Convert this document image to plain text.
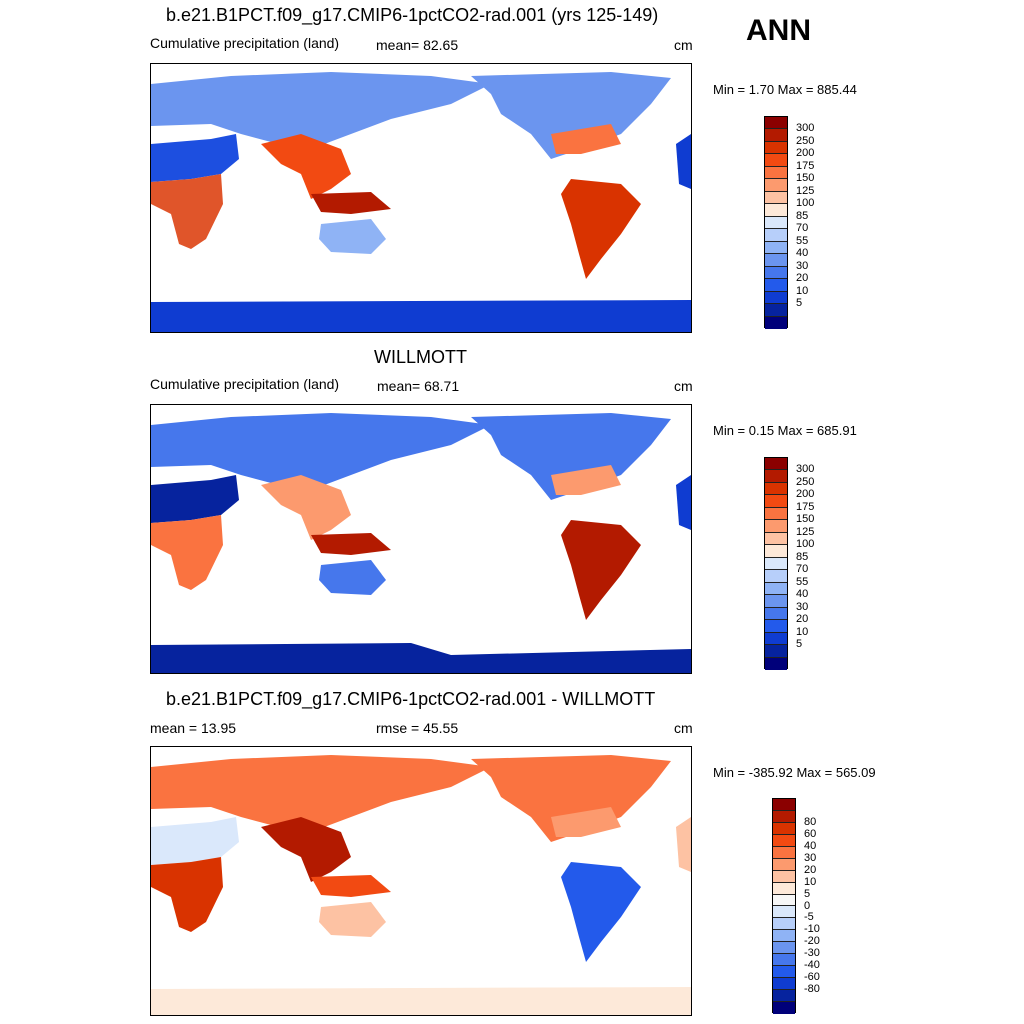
ANN
b.e21.B1PCT.f09_g17.CMIP6-1pctCO2-rad.001 (yrs 125-149)
Cumulative precipitation (land)	mean= 82.65	cm
Min = 1.70 Max = 885.44
WILLMOTT
Cumulative precipitation (land)	mean= 68.71	cm
Min = 0.15 Max = 685.91
b.e21.B1PCT.f09_g17.CMIP6-1pctCO2-rad.001 - WILLMOTT
mean = 13.95	rmse = 45.55	cm
Min = -385.92 Max = 565.09
300
250
200
175
150
125
100
85
70
55
40
30
20
10
5
300
250
200
175
150
125
100
85
70
55
40
30
20
10
5
80
60
40
30
20
10
5
0
-5
-10
-20
-30
-40
-60
-80
